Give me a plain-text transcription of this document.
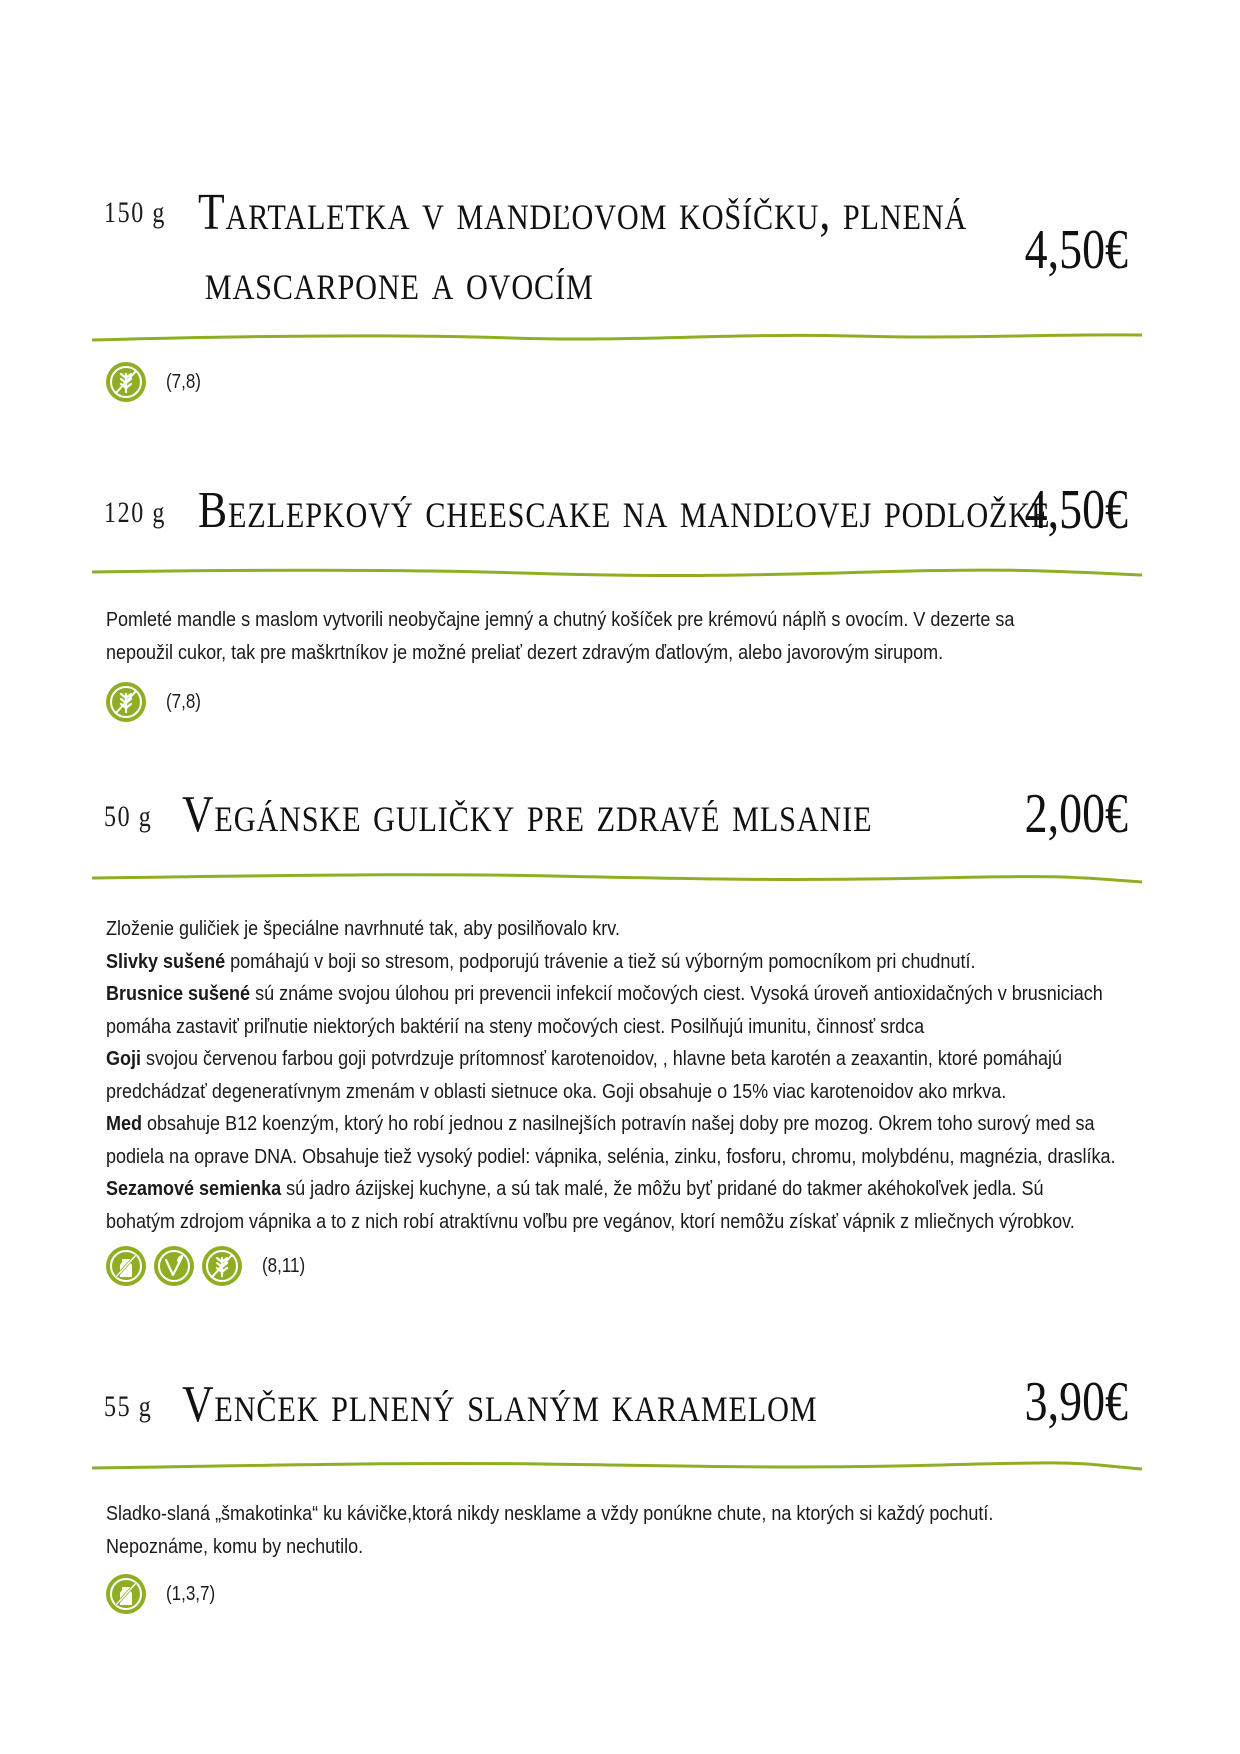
150 g Tartaletka v mandľovom košíčku, plnená
mascarpone a ovocím
4,50€
(7,8)
120 g Bezlepkový cheescake na mandľovej podložke
4,50€
Pomleté mandle s maslom vytvorili neobyčajne jemný a chutný košíček pre krémovú náplň s ovocím. V dezerte sa
nepoužil cukor, tak pre maškrtníkov je možné preliať dezert zdravým ďatlovým, alebo javorovým sirupom.
(7,8)
50 g Vegánske guličky pre zdravé mlsanie	2,00€
Zloženie guličiek je špeciálne navrhnuté tak, aby posilňovalo krv.
Slivky sušené pomáhajú v boji so stresom, podporujú trávenie a tiež sú výborným pomocníkom pri chudnutí.
Brusnice sušené sú známe svojou úlohou pri prevencii infekcií močových ciest. Vysoká úroveň antioxidačných v brusniciach
pomáha zastaviť priľnutie niektorých baktérií na steny močových ciest. Posilňujú imunitu, činnosť srdca
Goji svojou červenou farbou goji potvrdzuje prítomnosť karotenoidov, , hlavne beta karotén a zeaxantin, ktoré pomáhajú
predchádzať degeneratívnym zmenám v oblasti sietnuce oka. Goji obsahuje o 15% viac karotenoidov ako mrkva.
Med obsahuje B12 koenzým, ktorý ho robí jednou z nasilnejších potravín našej doby pre mozog. Okrem toho surový med sa
podiela na oprave DNA. Obsahuje tiež vysoký podiel: vápnika, selénia, zinku, fosforu, chromu, molybdénu, magnézia, draslíka.
Sezamové semienka sú jadro ázijskej kuchyne, a sú tak malé, že môžu byť pridané do takmer akéhokoľvek jedla. Sú
bohatým zdrojom vápnika a to z nich robí atraktívnu voľbu pre vegánov, ktorí nemôžu získať vápnik z mliečnych výrobkov.
(8,11)
55 g Venček plnený slaným karamelom	3,90€
Sladko-slaná „šmakotinka“ ku kávičke,ktorá nikdy nesklame a vždy ponúkne chute, na ktorých si každý pochutí.
Nepoznáme, komu by nechutilo.
(1,3,7)
